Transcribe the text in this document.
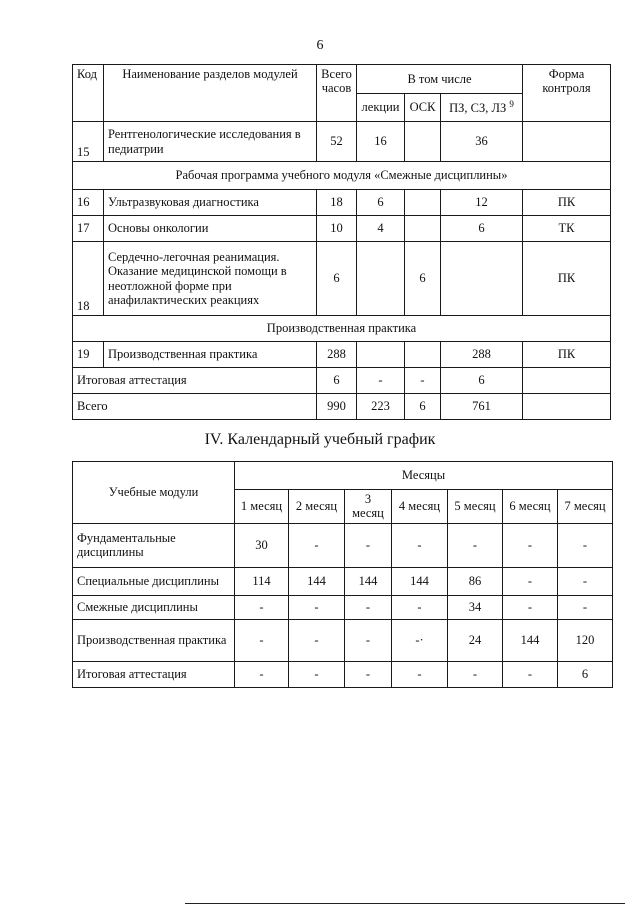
6
Код	Наименование разделов модулей	Всего часов	В том числе			Форма контроля
			лекции	ОСК	ПЗ, СЗ, ЛЗ $^9$
15	Рентгенологические исследования в педиатрии	52	16		36	
Рабочая программа учебного модуля «Смежные дисциплины»						
16	Ультразвуковая диагностика	18	6		12	ПК
17	Основы онкологии	10	4		6	ТК
18	Сердечно-легочная реанимация. Оказание медицинской помощи в неотложной форме при анафилактических реакциях	6		6		ПК
Производственная практика						
19	Производственная практика	288			288	ПК
Итоговая аттестация		6	-	-	6	
Всего		990	223	6	761	
IV. Календарный учебный график
Учебные модули	Месяцы						
	1 месяц	2 месяц	3 месяц	4 месяц	5 месяц	6 месяц	7 месяц
Фундаментальные дисциплины	30	-	-	-	-	-	-
Специальные дисциплины	114	144	144	144	86	-	-
Смежные дисциплины	-	-	-	-	34	-	-
Производственная практика	-	-	-	-·	24	144	120
Итоговая аттестация	-	-	-	-	-	-	6
